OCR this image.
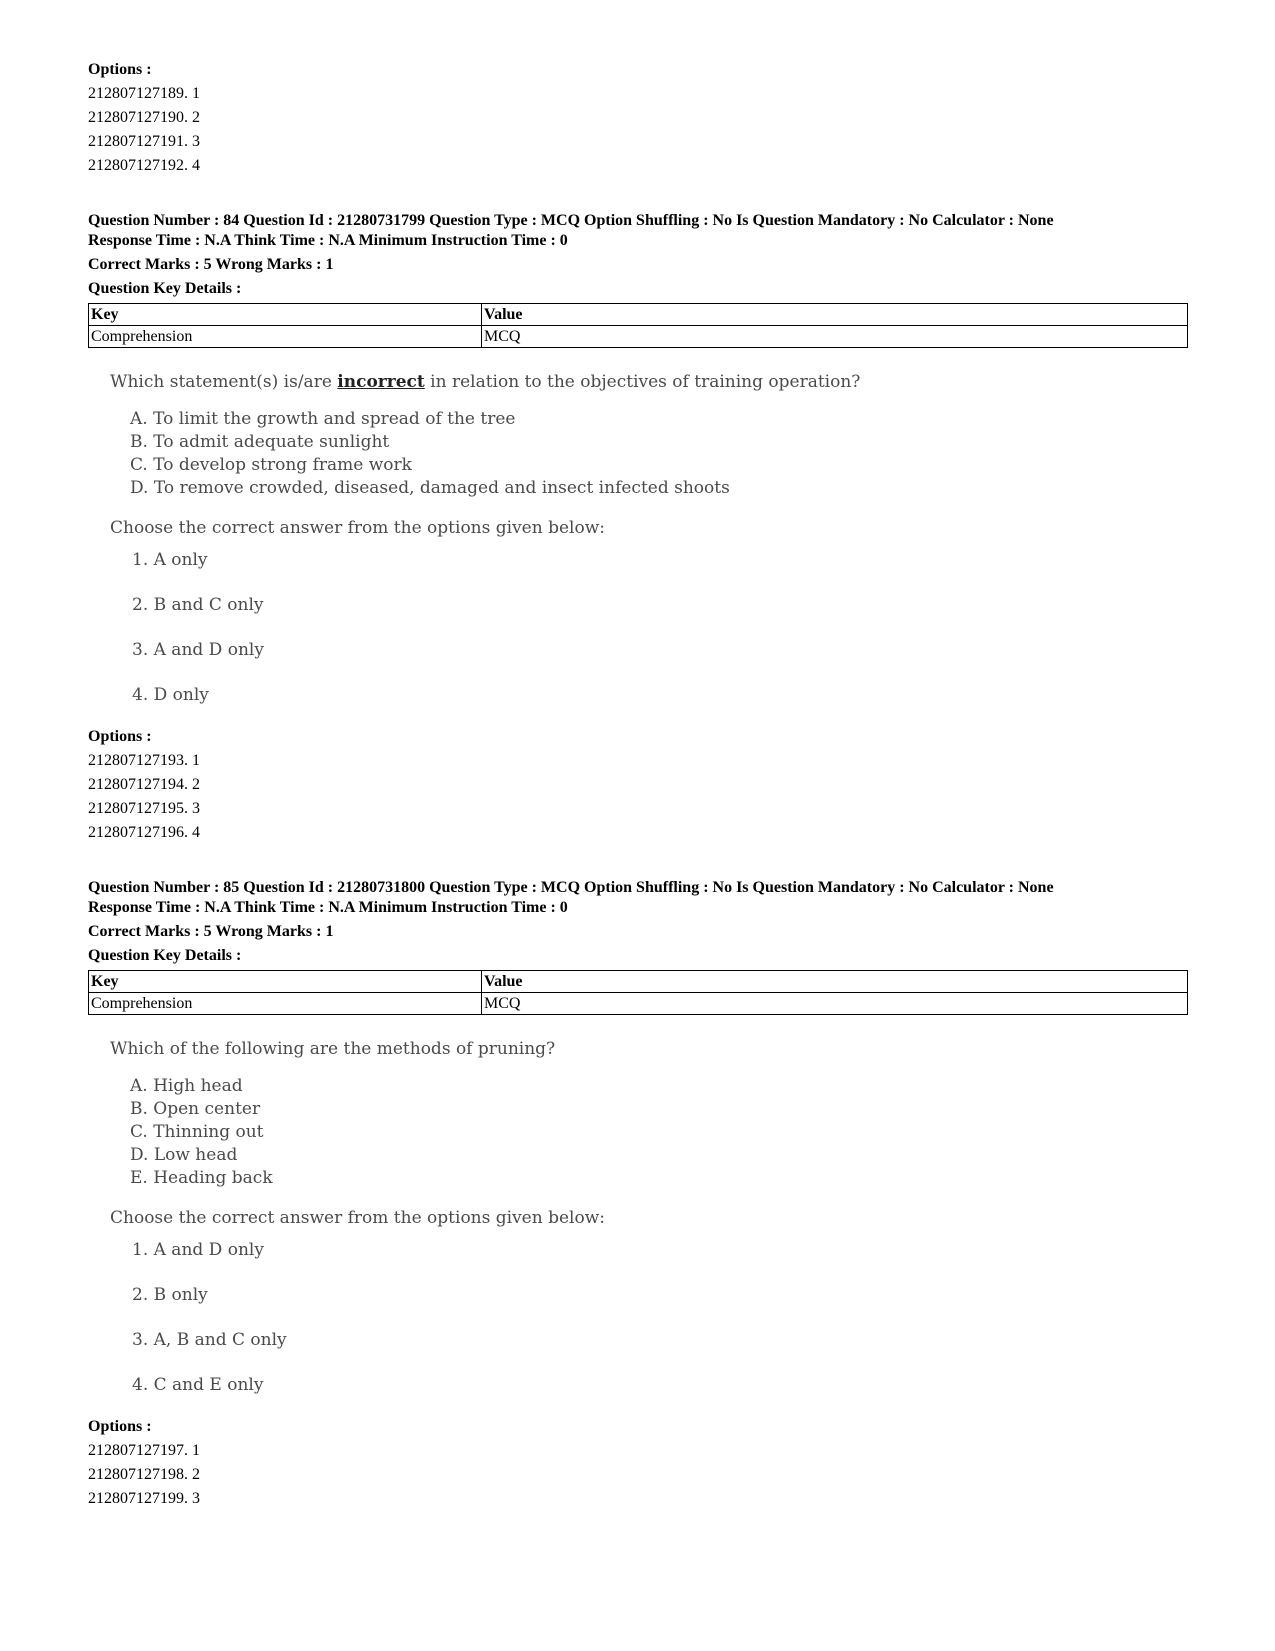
Options :
212807127189. 1
212807127190. 2
212807127191. 3
212807127192. 4
Question Number : 84 Question Id : 21280731799 Question Type : MCQ Option Shuffling : No Is Question Mandatory : No Calculator : None
Response Time : N.A Think Time : N.A Minimum Instruction Time : 0
Correct Marks : 5 Wrong Marks : 1
Question Key Details :
Key	Value
Comprehension	MCQ
Which statement(s) is/are incorrect in relation to the objectives of training operation?
A. To limit the growth and spread of the tree
B. To admit adequate sunlight
C. To develop strong frame work
D. To remove crowded, diseased, damaged and insect infected shoots
Choose the correct answer from the options given below:
1. A only
2. B and C only
3. A and D only
4. D only
Options :
212807127193. 1
212807127194. 2
212807127195. 3
212807127196. 4
Question Number : 85 Question Id : 21280731800 Question Type : MCQ Option Shuffling : No Is Question Mandatory : No Calculator : None
Response Time : N.A Think Time : N.A Minimum Instruction Time : 0
Correct Marks : 5 Wrong Marks : 1
Question Key Details :
Key	Value
Comprehension	MCQ
Which of the following are the methods of pruning?
A. High head
B. Open center
C. Thinning out
D. Low head
E. Heading back
Choose the correct answer from the options given below:
1. A and D only
2. B only
3. A, B and C only
4. C and E only
Options :
212807127197. 1
212807127198. 2
212807127199. 3
